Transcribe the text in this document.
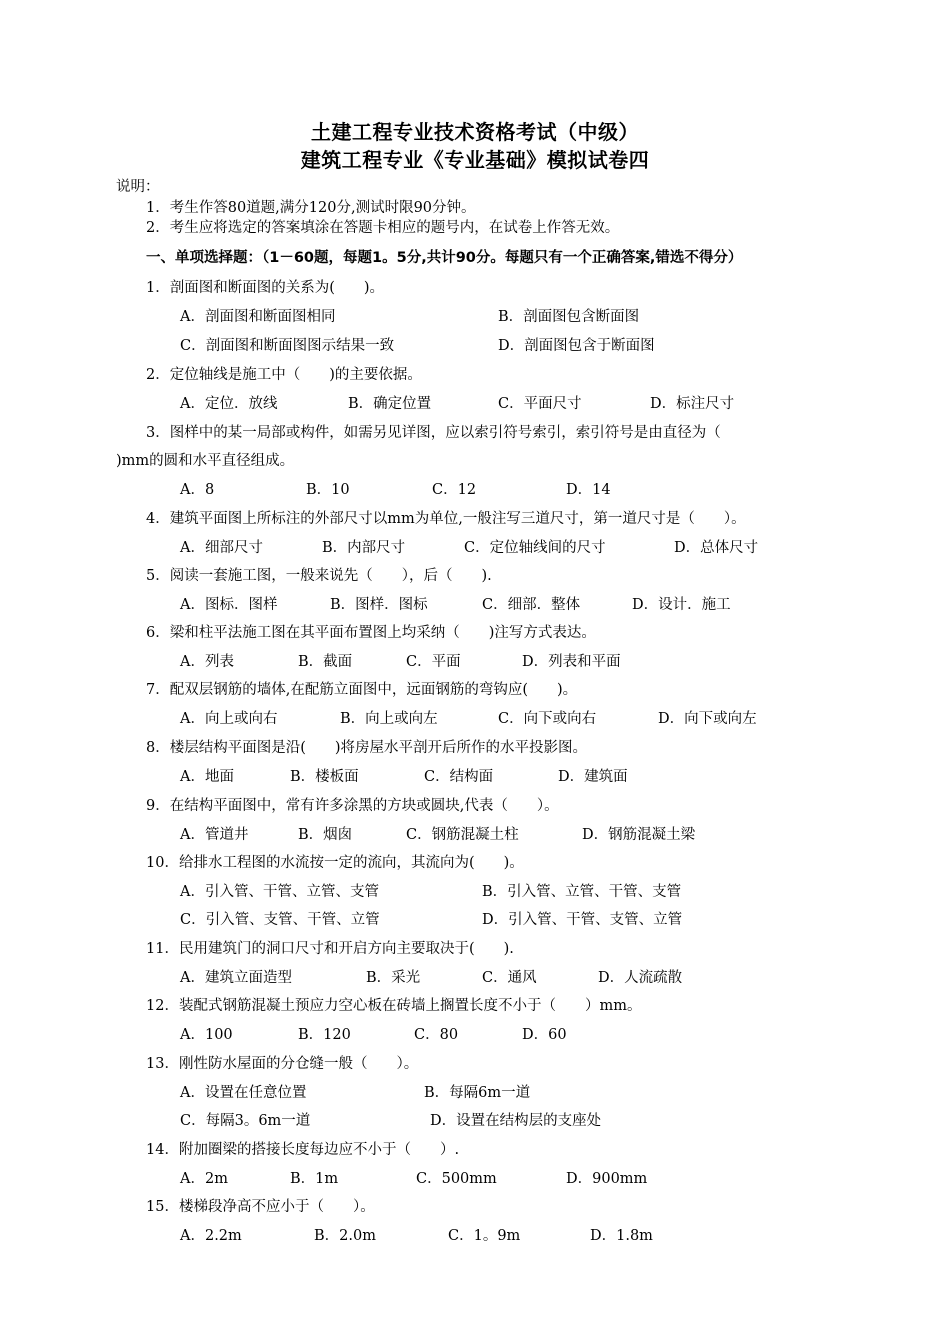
土建工程专业技术资格考试（中级）
建筑工程专业《专业基础》模拟试卷四
说明：
1．考生作答80道题,满分120分,测试时限90分钟。
2．考生应将选定的答案填涂在答题卡相应的题号内，在试卷上作答无效。
一、单项选择题：（1－60题，每题1。5分,共计90分。每题只有一个正确答案,错选不得分）
1．剖面图和断面图的关系为(　　)。
A．剖面图和断面图相同	B．剖面图包含断面图
C．剖面图和断面图图示结果一致	D．剖面图包含于断面图
2．定位轴线是施工中（　　)的主要依据。
A．定位．放线	B．确定位置	C．平面尺寸	D．标注尺寸
3．图样中的某一局部或构件，如需另见详图，应以索引符号索引，索引符号是由直径为（
)mm的圆和水平直径组成。
A．8	B．10	C．12	D．14
4．建筑平面图上所标注的外部尺寸以mm为单位,一般注写三道尺寸，第一道尺寸是（　　）。
A．细部尺寸	B．内部尺寸	C．定位轴线间的尺寸	D．总体尺寸
5．阅读一套施工图，一般来说先（　　），后（　　).
A．图标．图样	B．图样．图标	C．细部．整体	D．设计．施工
6．梁和柱平法施工图在其平面布置图上均采纳（　　)注写方式表达。
A．列表	B．截面	C．平面	D．列表和平面
7．配双层钢筋的墙体,在配筋立面图中，远面钢筋的弯钩应(　　)。
A．向上或向右	B．向上或向左	C．向下或向右	D．向下或向左
8．楼层结构平面图是沿(　　)将房屋水平剖开后所作的水平投影图。
A．地面	B．楼板面	C．结构面	D．建筑面
9．在结构平面图中，常有许多涂黑的方块或圆块,代表（　　）。
A．管道井	B．烟囱	C．钢筋混凝土柱	D．钢筋混凝土梁
10．给排水工程图的水流按一定的流向，其流向为(　　)。
A．引入管、干管、立管、支管	B．引入管、立管、干管、支管
C．引入管、支管、干管、立管	D．引入管、干管、支管、立管
11．民用建筑门的洞口尺寸和开启方向主要取决于(　　).
A．建筑立面造型	B．采光	C．通风	D．人流疏散
12．装配式钢筋混凝土预应力空心板在砖墙上搁置长度不小于（　　）mm。
A．100	B．120	C．80	D．60
13．刚性防水屋面的分仓缝一般（　　）。
A．设置在任意位置	B．每隔6m一道
C．每隔3。6m一道	D．设置在结构层的支座处
14．附加圈梁的搭接长度每边应不小于（　　）.
A．2m	B．1m	C．500mm	D．900mm
15．楼梯段净高不应小于（　　）。
A．2.2m	B．2.0m	C．1。9m	D．1.8m
